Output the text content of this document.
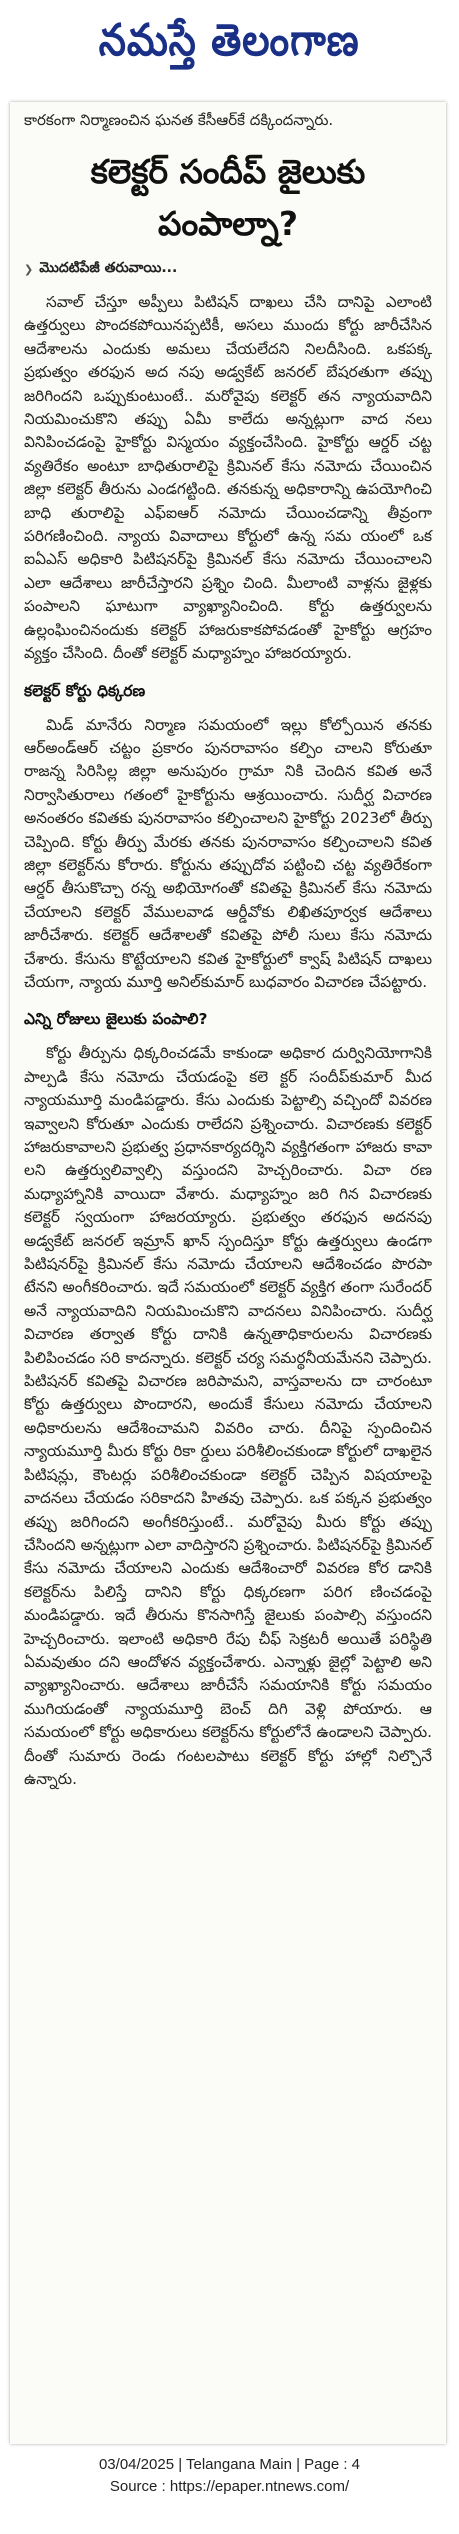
నమస్తే తెలంగాణ

కారకంగా నిర్మాణంచిన ఘనత కేసీఆర్‌కే దక్కిందన్నారు.

కలెక్టర్ సందీప్ జైలుకు పంపాల్నా?
❯ మొదటిపేజీ తరువాయి...

సవాల్ చేస్తూ అప్పీలు పిటిషన్ దాఖలు చేసి దానిపై ఎలాంటి ఉత్తర్వులు పొందకపోయినప్పటికీ, అసలు ముందు కోర్టు జారీచేసిన ఆదేశాలను ఎందుకు అమలు చేయలేదని నిలదీసింది. ఒకపక్క ప్రభుత్వం తరఫున అద నపు అడ్వకేట్ జనరల్ బేషరతుగా తప్పు జరిగిందని ఒప్పుకుంటుంటే.. మరోవైపు కలెక్టర్ తన న్యాయవాదిని నియమించుకొని తప్పు ఏమీ కాలేదు అన్నట్లుగా వాద నలు వినిపించడంపై హైకోర్టు విస్మయం వ్యక్తంచేసింది. హైకోర్టు ఆర్డర్ చట్ట వ్యతిరేకం అంటూ బాధితురాలిపై క్రిమినల్ కేసు నమోదు చేయించిన జిల్లా కలెక్టర్ తీరును ఎండగట్టింది. తనకున్న అధికారాన్ని ఉపయోగించి బాధి తురాలిపై ఎఫ్ఐఆర్ నమోదు చేయించడాన్ని తీవ్రంగా పరిగణించింది. న్యాయ వివాదాలు కోర్టులో ఉన్న సమ యంలో ఒక ఐఏఎస్ అధికారి పిటిషనర్‌పై క్రిమినల్ కేసు నమోదు చేయించాలని ఎలా ఆదేశాలు జారీచేస్తారని ప్రశ్నిం చింది. మీలాంటి వాళ్లను జైళ్లకు పంపాలని ఘాటుగా వ్యాఖ్యానించింది. కోర్టు ఉత్తర్వులను ఉల్లంఘించినందుకు కలెక్టర్ హాజరుకాకపోవడంతో హైకోర్టు ఆగ్రహం వ్యక్తం చేసింది. దీంతో కలెక్టర్ మధ్యాహ్నం హాజరయ్యారు.

కలెక్టర్ కోర్టు ధిక్కరణ

మిడ్ మానేరు నిర్మాణ సమయంలో ఇల్లు కోల్పోయిన తనకు ఆర్‌అండ్‌ఆర్ చట్టం ప్రకారం పునరావాసం కల్పిం చాలని కోరుతూ రాజన్న సిరిసిల్ల జిల్లా అనుపురం గ్రామా నికి చెందిన కవిత అనే నిర్వాసితురాలు గతంలో హైకోర్టును ఆశ్రయించారు. సుదీర్ఘ విచారణ అనంతరం కవితకు పునరావాసం కల్పించాలని హైకోర్టు 2023లో తీర్పు చెప్పింది. కోర్టు తీర్పు మేరకు తనకు పునరావాసం కల్పించాలని కవిత జిల్లా కలెక్టర్‌ను కోరారు. కోర్టును తప్పుదోవ పట్టించి చట్ట వ్యతిరేకంగా ఆర్డర్ తీసుకొచ్చా రన్న అభియోగంతో కవితపై క్రిమినల్ కేసు నమోదు చేయాలని కలెక్టర్ వేములవాడ ఆర్డీవోకు లిఖితపూర్వక ఆదేశాలు జారీచేశారు. కలెక్టర్ ఆదేశాలతో కవితపై పోలీ సులు కేసు నమోదు చేశారు. కేసును కొట్టేయాలని కవిత హైకోర్టులో క్వాష్ పిటిషన్ దాఖలు చేయగా, న్యాయ మూర్తి అనిల్‌కుమార్ బుధవారం విచారణ చేపట్టారు.

ఎన్ని రోజులు జైలుకు పంపాలి?

కోర్టు తీర్పును ధిక్కరించడమే కాకుండా అధికార దుర్వినియోగానికి పాల్పడి కేసు నమోదు చేయడంపై కలె క్టర్ సందీప్‌కుమార్ మీద న్యాయమూర్తి మండిపడ్డారు. కేసు ఎందుకు పెట్టాల్సి వచ్చిందో వివరణ ఇవ్వాలని కోరుతూ ఎందుకు రాలేదని ప్రశ్నించారు. విచారణకు కలెక్టర్ హాజరుకావాలని ప్రభుత్వ ప్రధానకార్యదర్శిని వ్యక్తిగతంగా హాజరు కావా లని ఉత్తర్వులివ్వాల్సి వస్తుందని హెచ్చరించారు. విచా రణ మధ్యాహ్నానికి వాయిదా వేశారు. మధ్యాహ్నం జరి గిన విచారణకు కలెక్టర్ స్వయంగా హాజరయ్యారు. ప్రభుత్వం తరఫున అదనపు అడ్వకేట్ జనరల్ ఇమ్రాన్ ఖాన్ స్పందిస్తూ కోర్టు ఉత్తర్వులు ఉండగా పిటిషనర్‌పై క్రిమినల్ కేసు నమోదు చేయాలని ఆదేశించడం పొరపా టేనని అంగీకరించారు. ఇదే సమయంలో కలెక్టర్ వ్యక్తిగ తంగా సురేందర్ అనే న్యాయవాదిని నియమించుకొని వాదనలు వినిపించారు. సుదీర్ఘ విచారణ తర్వాత కోర్టు దానికి ఉన్నతాధికారులను విచారణకు పిలిపించడం సరి కాదన్నారు. కలెక్టర్ చర్య సమర్థనీయమేనని చెప్పారు. పిటిషనర్ కవితపై విచారణ జరిపామని, వాస్తవాలను దా చారంటూ కోర్టు ఉత్తర్వులు పొందారని, అందుకే కేసులు నమోదు చేయాలని అధికారులను ఆదేశించామని వివరిం చారు. దీనిపై స్పందించిన న్యాయమూర్తి మీరు కోర్టు రికా ర్డులు పరిశీలించకుండా కోర్టులో దాఖలైన పిటిషన్లు, కౌంటర్లు పరిశీలించకుండా కలెక్టర్ చెప్పిన విషయాలపై వాదనలు చేయడం సరికాదని హితవు చెప్పారు. ఒక పక్కన ప్రభుత్వం తప్పు జరిగిందని అంగీకరిస్తుంటే.. మరోవైపు మీరు కోర్టు తప్పు చేసిందని అన్నట్లుగా ఎలా వాదిస్తారని ప్రశ్నించారు. పిటిషనర్‌పై క్రిమినల్ కేసు నమోదు చేయాలని ఎందుకు ఆదేశించారో వివరణ కోర డానికి కలెక్టర్‌ను పిలిస్తే దానిని కోర్టు ధిక్కరణగా పరిగ ణించడంపై మండిపడ్డారు. ఇదే తీరును కొనసాగిస్తే జైలుకు పంపాల్సి వస్తుందని హెచ్చరించారు. ఇలాంటి అధికారి రేపు చీఫ్ సెక్రటరీ అయితే పరిస్థితి ఏమవుతుం దని ఆందోళన వ్యక్తంచేశారు. ఎన్నాళ్లు జైల్లో పెట్టాలి అని వ్యాఖ్యానించారు. ఆదేశాలు జారీచేసే సమయానికి కోర్టు సమయం ముగియడంతో న్యాయమూర్తి బెంచ్ దిగి వెళ్లి పోయారు. ఆ సమయంలో కోర్టు అధికారులు కలెక్టర్‌ను కోర్టులోనే ఉండాలని చెప్పారు. దీంతో సుమారు రెండు గంటలపాటు కలెక్టర్ కోర్టు హాల్లో నిల్చొనే ఉన్నారు.

03/04/2025 | Telangana Main | Page : 4
Source : https://epaper.ntnews.com/
